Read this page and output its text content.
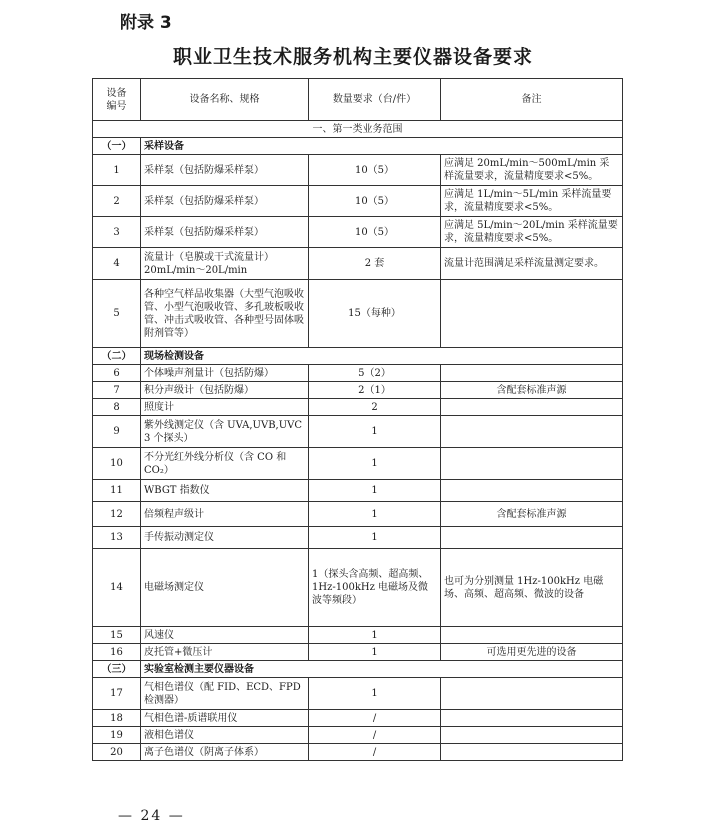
附录 3
职业卫生技术服务机构主要仪器设备要求
设备
编号	设备名称、规格	数量要求（台/件）	备注
一、第一类业务范围			
（一）	采样设备		
1	采样泵（包括防爆采样泵）	10（5）	应满足 20mL/min～500mL/min 采样流量要求，流量精度要求<5%。
2	采样泵（包括防爆采样泵）	10（5）	应满足 1L/min～5L/min 采样流量要求，流量精度要求<5%。
3	采样泵（包括防爆采样泵）	10（5）	应满足 5L/min～20L/min 采样流量要求，流量精度要求<5%。
4	流量计（皂膜或干式流量计）20mL/min～20L/min	2 套	流量计范围满足采样流量测定要求。
5	各种空气样品收集器（大型气泡吸收管、小型气泡吸收管、多孔玻板吸收管、冲击式吸收管、各种型号固体吸附剂管等）	15（每种）	
（二）	现场检测设备		
6	个体噪声剂量计（包括防爆）	5（2）	
7	积分声级计（包括防爆）	2（1）	含配套标准声源
8	照度计	2	
9	紫外线测定仪（含 UVA,UVB,UVC 3 个探头）	1	
10	不分光红外线分析仪（含 CO 和 CO₂）	1	
11	WBGT 指数仪	1	
12	倍频程声级计	1	含配套标准声源
13	手传振动测定仪	1	
14	电磁场测定仪	1（探头含高频、超高频、1Hz-100kHz 电磁场及微波等频段）	也可为分别测量 1Hz-100kHz 电磁场、高频、超高频、微波的设备
15	风速仪	1	
16	皮托管+微压计	1	可选用更先进的设备
（三）	实验室检测主要仪器设备		
17	气相色谱仪（配 FID、ECD、FPD 检测器）	1	
18	气相色谱-质谱联用仪	/	
19	液相色谱仪	/	
20	离子色谱仪（阴离子体系）	/	
— 24 —
